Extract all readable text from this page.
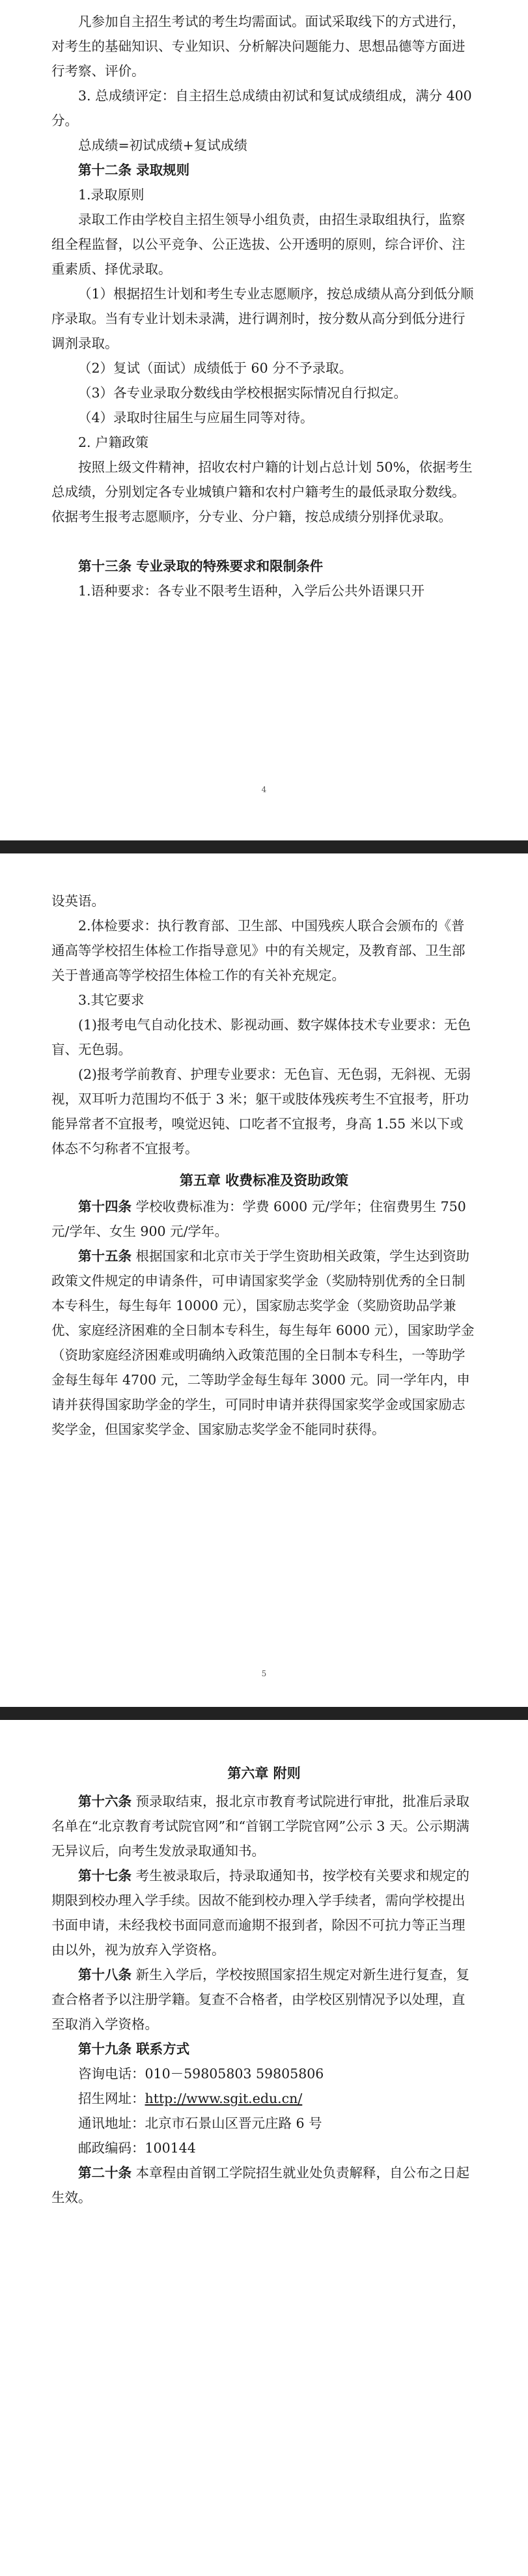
凡参加自主招生考试的考生均需面试。面试采取线下的方式进行，对考生的基础知识、专业知识、分析解决问题能力、思想品德等方面进行考察、评价。

3. 总成绩评定：自主招生总成绩由初试和复试成绩组成，满分 400 分。

总成绩=初试成绩+复试成绩

第十二条 录取规则

1.录取原则

录取工作由学校自主招生领导小组负责，由招生录取组执行，监察组全程监督，以公平竞争、公正选拔、公开透明的原则，综合评价、注重素质、择优录取。

（1）根据招生计划和考生专业志愿顺序，按总成绩从高分到低分顺序录取。当有专业计划未录满，进行调剂时，按分数从高分到低分进行调剂录取。

（2）复试（面试）成绩低于 60 分不予录取。

（3）各专业录取分数线由学校根据实际情况自行拟定。

（4）录取时往届生与应届生同等对待。

2. 户籍政策

按照上级文件精神，招收农村户籍的计划占总计划 50%，依据考生总成绩，分别划定各专业城镇户籍和农村户籍考生的最低录取分数线。依据考生报考志愿顺序，分专业、分户籍，按总成绩分别择优录取。

第十三条 专业录取的特殊要求和限制条件

1.语种要求：各专业不限考生语种，入学后公共外语课只开

4

设英语。

2.体检要求：执行教育部、卫生部、中国残疾人联合会颁布的《普通高等学校招生体检工作指导意见》中的有关规定，及教育部、卫生部关于普通高等学校招生体检工作的有关补充规定。

3.其它要求

(1)报考电气自动化技术、影视动画、数字媒体技术专业要求：无色盲、无色弱。

(2)报考学前教育、护理专业要求：无色盲、无色弱，无斜视、无弱视，双耳听力范围均不低于 3 米；躯干或肢体残疾考生不宜报考，肝功能异常者不宜报考，嗅觉迟钝、口吃者不宜报考，身高 1.55 米以下或体态不匀称者不宜报考。

第五章 收费标准及资助政策

第十四条 学校收费标准为：学费 6000 元/学年；住宿费男生 750 元/学年、女生 900 元/学年。

第十五条 根据国家和北京市关于学生资助相关政策，学生达到资助政策文件规定的申请条件，可申请国家奖学金（奖励特别优秀的全日制本专科生，每生每年 10000 元），国家励志奖学金（奖励资助品学兼优、家庭经济困难的全日制本专科生，每生每年 6000 元），国家助学金（资助家庭经济困难或明确纳入政策范围的全日制本专科生，一等助学金每生每年 4700 元，二等助学金每生每年 3000 元。同一学年内，申请并获得国家助学金的学生，可同时申请并获得国家奖学金或国家励志奖学金，但国家奖学金、国家励志奖学金不能同时获得。

5

第六章 附则

第十六条 预录取结束，报北京市教育考试院进行审批，批准后录取名单在“北京教育考试院官网”和“首钢工学院官网”公示 3 天。公示期满无异议后，向考生发放录取通知书。

第十七条 考生被录取后，持录取通知书，按学校有关要求和规定的期限到校办理入学手续。因故不能到校办理入学手续者，需向学校提出书面申请，未经我校书面同意而逾期不报到者，除因不可抗力等正当理由以外，视为放弃入学资格。

第十八条 新生入学后，学校按照国家招生规定对新生进行复查，复查合格者予以注册学籍。复查不合格者，由学校区别情况予以处理，直至取消入学资格。

第十九条 联系方式

咨询电话：010－59805803 59805806

招生网址：http://www.sgit.edu.cn/

通讯地址：北京市石景山区晋元庄路 6 号

邮政编码：100144

第二十条 本章程由首钢工学院招生就业处负责解释，自公布之日起生效。
